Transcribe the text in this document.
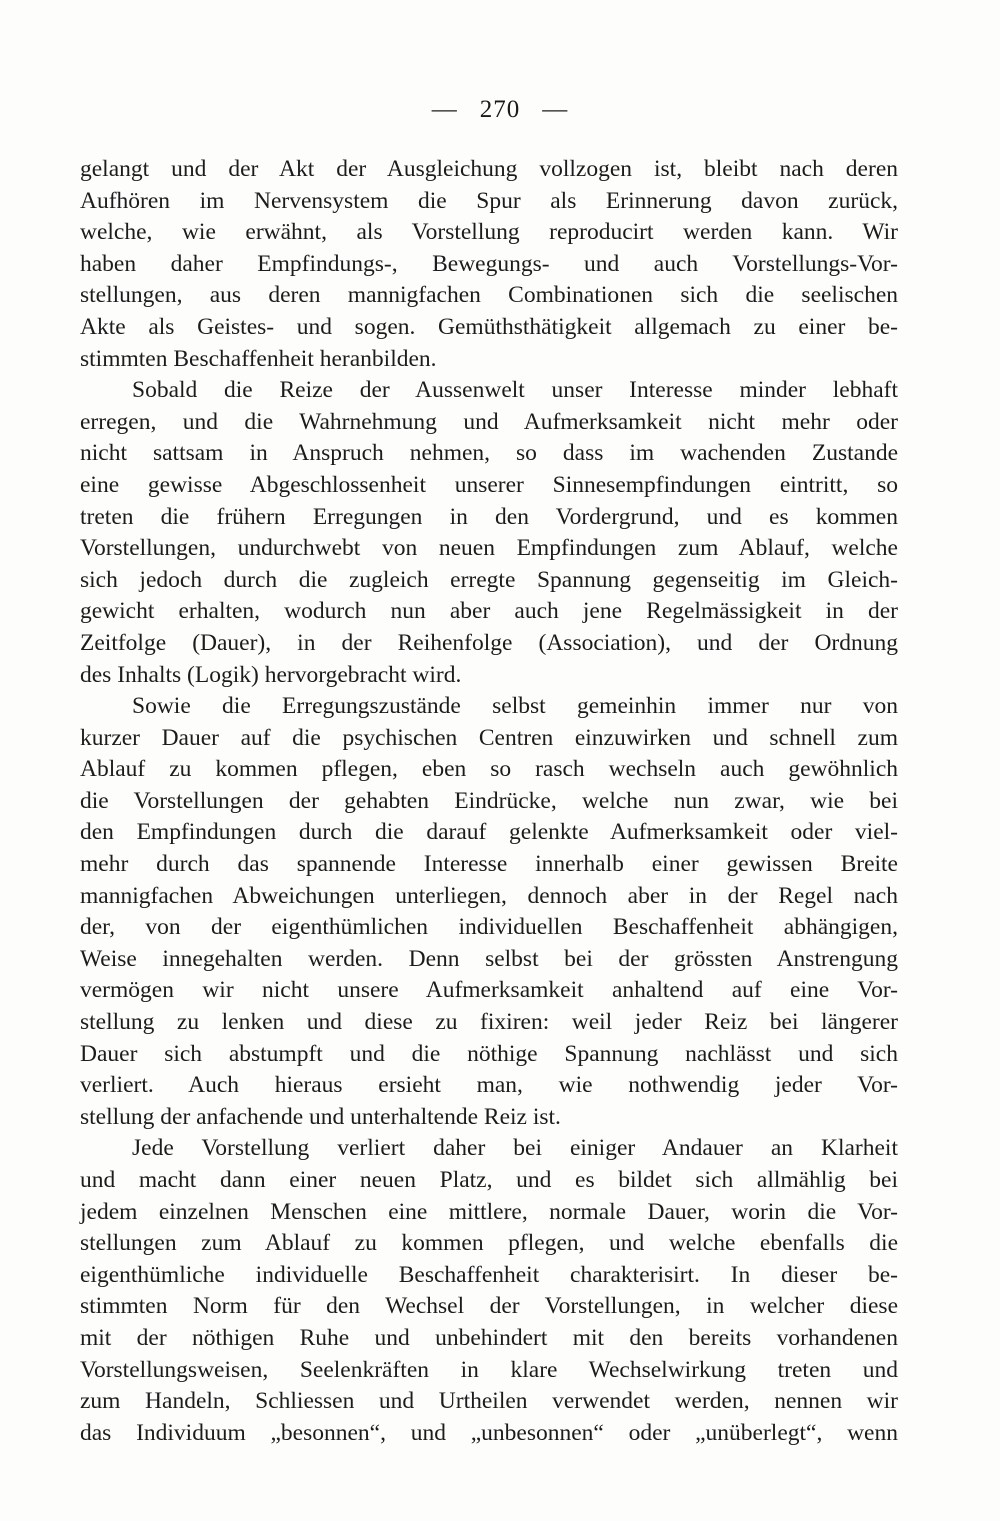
— 270 —

gelangt und der Akt der Ausgleichung vollzogen ist, bleibt nach deren

Aufhören im Nervensystem die Spur als Erinnerung davon zurück,

welche, wie erwähnt, als Vorstellung reproducirt werden kann. Wir

haben daher Empfindungs-, Bewegungs- und auch Vorstellungs-Vor-

stellungen, aus deren mannigfachen Combinationen sich die seelischen

Akte als Geistes- und sogen. Gemüthsthätigkeit allgemach zu einer be-

stimmten Beschaffenheit heranbilden.

Sobald die Reize der Aussenwelt unser Interesse minder lebhaft

erregen, und die Wahrnehmung und Aufmerksamkeit nicht mehr oder

nicht sattsam in Anspruch nehmen, so dass im wachenden Zustande

eine gewisse Abgeschlossenheit unserer Sinnesempfindungen eintritt, so

treten die frühern Erregungen in den Vordergrund, und es kommen

Vorstellungen, undurchwebt von neuen Empfindungen zum Ablauf, welche

sich jedoch durch die zugleich erregte Spannung gegenseitig im Gleich-

gewicht erhalten, wodurch nun aber auch jene Regelmässigkeit in der

Zeitfolge (Dauer), in der Reihenfolge (Association), und der Ordnung

des Inhalts (Logik) hervorgebracht wird.

Sowie die Erregungszustände selbst gemeinhin immer nur von

kurzer Dauer auf die psychischen Centren einzuwirken und schnell zum

Ablauf zu kommen pflegen, eben so rasch wechseln auch gewöhnlich

die Vorstellungen der gehabten Eindrücke, welche nun zwar, wie bei

den Empfindungen durch die darauf gelenkte Aufmerksamkeit oder viel-

mehr durch das spannende Interesse innerhalb einer gewissen Breite

mannigfachen Abweichungen unterliegen, dennoch aber in der Regel nach

der, von der eigenthümlichen individuellen Beschaffenheit abhängigen,

Weise innegehalten werden. Denn selbst bei der grössten Anstrengung

vermögen wir nicht unsere Aufmerksamkeit anhaltend auf eine Vor-

stellung zu lenken und diese zu fixiren: weil jeder Reiz bei längerer

Dauer sich abstumpft und die nöthige Spannung nachlässt und sich

verliert. Auch hieraus ersieht man, wie nothwendig jeder Vor-

stellung der anfachende und unterhaltende Reiz ist.

Jede Vorstellung verliert daher bei einiger Andauer an Klarheit

und macht dann einer neuen Platz, und es bildet sich allmählig bei

jedem einzelnen Menschen eine mittlere, normale Dauer, worin die Vor-

stellungen zum Ablauf zu kommen pflegen, und welche ebenfalls die

eigenthümliche individuelle Beschaffenheit charakterisirt. In dieser be-

stimmten Norm für den Wechsel der Vorstellungen, in welcher diese

mit der nöthigen Ruhe und unbehindert mit den bereits vorhandenen

Vorstellungsweisen, Seelenkräften in klare Wechselwirkung treten und

zum Handeln, Schliessen und Urtheilen verwendet werden, nennen wir

das Individuum „besonnen“, und „unbesonnen“ oder „unüberlegt“, wenn
